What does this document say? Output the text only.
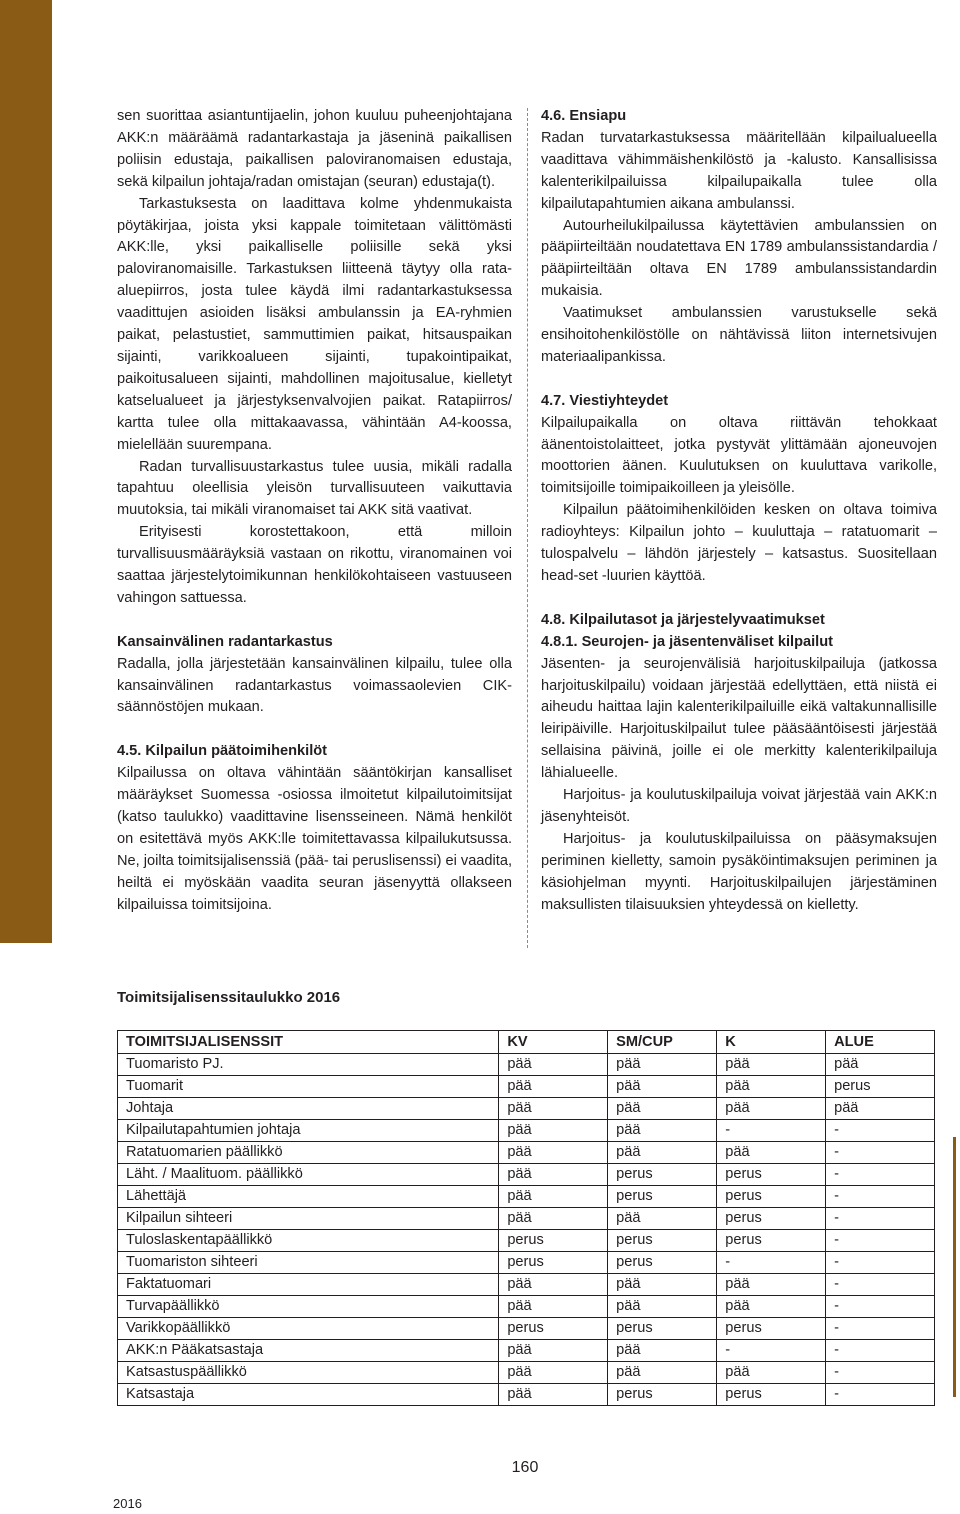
sen suorittaa asiantuntijaelin, johon kuuluu puheenjohtajana AKK:n määräämä radantarkastaja ja jäseninä paikallisen poliisin edustaja, paikallisen paloviranomaisen edustaja, sekä kilpailun johtaja/radan omistajan (seuran) edustaja(t).

Tarkastuksesta on laadittava kolme yhdenmukaista pöytäkirjaa, joista yksi kappale toimitetaan välittömästi AKK:lle, yksi paikalliselle poliisille sekä yksi paloviranomaisille. Tarkastuksen liitteenä täytyy olla rata-aluepiirros, josta tulee käydä ilmi radantarkastuksessa vaadittujen asioiden lisäksi ambulanssin ja EA-ryhmien paikat, pelastustiet, sammuttimien paikat, hitsauspaikan sijainti, varikkoalueen sijainti, tupakointipaikat, paikoitusalueen sijainti, mahdollinen majoitusalue, kielletyt katselualueet ja järjestyksenvalvojien paikat. Ratapiirros/ kartta tulee olla mittakaavassa, vähintään A4-koossa, mielellään suurempana.

Radan turvallisuustarkastus tulee uusia, mikäli radalla tapahtuu oleellisia yleisön turvallisuuteen vaikuttavia muutoksia, tai mikäli viranomaiset tai AKK sitä vaativat.

Erityisesti korostettakoon, että milloin turvallisuusmääräyksiä vastaan on rikottu, viranomainen voi saattaa järjestelytoimikunnan henkilökohtaiseen vastuuseen vahingon sattuessa.

Kansainvälinen radantarkastus

Radalla, jolla järjestetään kansainvälinen kilpailu, tulee olla kansainvälinen radantarkastus voimassaolevien CIK-säännöstöjen mukaan.

4.5. Kilpailun päätoimihenkilöt

Kilpailussa on oltava vähintään sääntökirjan kansalliset määräykset Suomessa -osiossa ilmoitetut kilpailutoimitsijat (katso taulukko) vaadittavine lisensseineen. Nämä henkilöt on esitettävä myös AKK:lle toimitettavassa kilpailukutsussa. Ne, joilta toimitsijalisenssiä (pää- tai peruslisenssi) ei vaadita, heiltä ei myöskään vaadita seuran jäsenyyttä ollakseen kilpailuissa toimitsijoina.

4.6. Ensiapu

Radan turvatarkastuksessa määritellään kilpailualueella vaadittava vähimmäishenkilöstö ja -kalusto. Kansallisissa kalenterikilpailuissa kilpailupaikalla tulee olla kilpailutapahtumien aikana ambulanssi.

Autourheilukilpailussa käytettävien ambulanssien on pääpiirteiltään noudatettava EN 1789 ambulanssistandardia / pääpiirteiltään oltava EN 1789 ambulanssistandardin mukaisia.

Vaatimukset ambulanssien varustukselle sekä ensihoitohenkilöstölle on nähtävissä liiton internetsivujen materiaalipankissa.

4.7. Viestiyhteydet

Kilpailupaikalla on oltava riittävän tehokkaat äänentoistolaitteet, jotka pystyvät ylittämään ajoneuvojen moottorien äänen. Kuulutuksen on kuuluttava varikolle, toimitsijoille toimipaikoilleen ja yleisölle.

Kilpailun päätoimihenkilöiden kesken on oltava toimiva radioyhteys: Kilpailun johto – kuuluttaja – ratatuomarit – tulospalvelu – lähdön järjestely – katsastus. Suositellaan head-set -luurien käyttöä.

4.8. Kilpailutasot ja järjestelyvaatimukset
4.8.1. Seurojen- ja jäsentenväliset kilpailut

Jäsenten- ja seurojenvälisiä harjoituskilpailuja (jatkossa harjoituskilpailu) voidaan järjestää edellyttäen, että niistä ei aiheudu haittaa lajin kalenterikilpailuille eikä valtakunnallisille leiripäiville. Harjoituskilpailut tulee pääsääntöisesti järjestää sellaisina päivinä, joille ei ole merkitty kalenterikilpailuja lähialueelle.

Harjoitus- ja koulutuskilpailuja voivat järjestää vain AKK:n jäsenyhteisöt.

Harjoitus- ja koulutuskilpailuissa on pääsymaksujen periminen kielletty, samoin pysäköintimaksujen periminen ja käsiohjelman myynti. Harjoituskilpailujen järjestäminen maksullisten tilaisuuksien yhteydessä on kielletty.

Toimitsijalisenssitaulukko 2016
TOIMITSIJALISENSSIT	KV	SM/CUP	K	ALUE
Tuomaristo PJ.	pää	pää	pää	pää
Tuomarit	pää	pää	pää	perus
Johtaja	pää	pää	pää	pää
Kilpailutapahtumien johtaja	pää	pää	-	-
Ratatuomarien päällikkö	pää	pää	pää	-
Läht. / Maalituom. päällikkö	pää	perus	perus	-
Lähettäjä	pää	perus	perus	-
Kilpailun sihteeri	pää	pää	perus	-
Tuloslaskentapäällikkö	perus	perus	perus	-
Tuomariston sihteeri	perus	perus	-	-
Faktatuomari	pää	pää	pää	-
Turvapäällikkö	pää	pää	pää	-
Varikkopäällikkö	perus	perus	perus	-
AKK:n Pääkatsastaja	pää	pää	-	-
Katsastuspäällikkö	pää	pää	pää	-
Katsastaja	pää	perus	perus	-
160
2016
